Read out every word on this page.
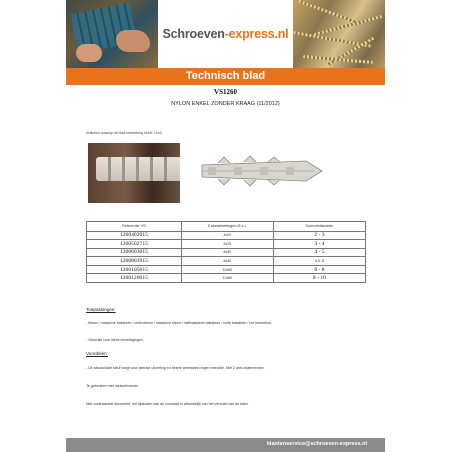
Schroeven-express.nl
Technisch blad
VS1260
NYLON ENKEL ZONDER KRAAG (11/2012)
Artikelen waarop dit blad betrekking heeft: 12x0
Referentie VS	Enkelafmetingen Ø x L	Schroefdiameter
1260402015	4x20	2 - 3
1260502715	5x25	3 - 4
1260603015	6x30	4 - 5
1260803915	8x40	4,5 -6
1260105015	10x50	6 - 8
1260126015	12x60	8 - 10
Toepassingen:
- Beton / massieve baksteen / cellenbeton / massieve steen / halfmassieve baksteen / holle baksteen / hol betonblok.
- Geschikt voor lichte bevestigingen.
Voordelen:
- De sinusoïdale sleuf zorgt voor laterale uitzetting en betere weerstand tegen extractie. Met 2 anti-rotatievinnen.
Te gebruiken met houtschroeven.
Niet-contractueel document, het tijdsoden van de voorraad is afhankelijk van het verzoek van de klant.
klantenservice@schroeven-express.nl
